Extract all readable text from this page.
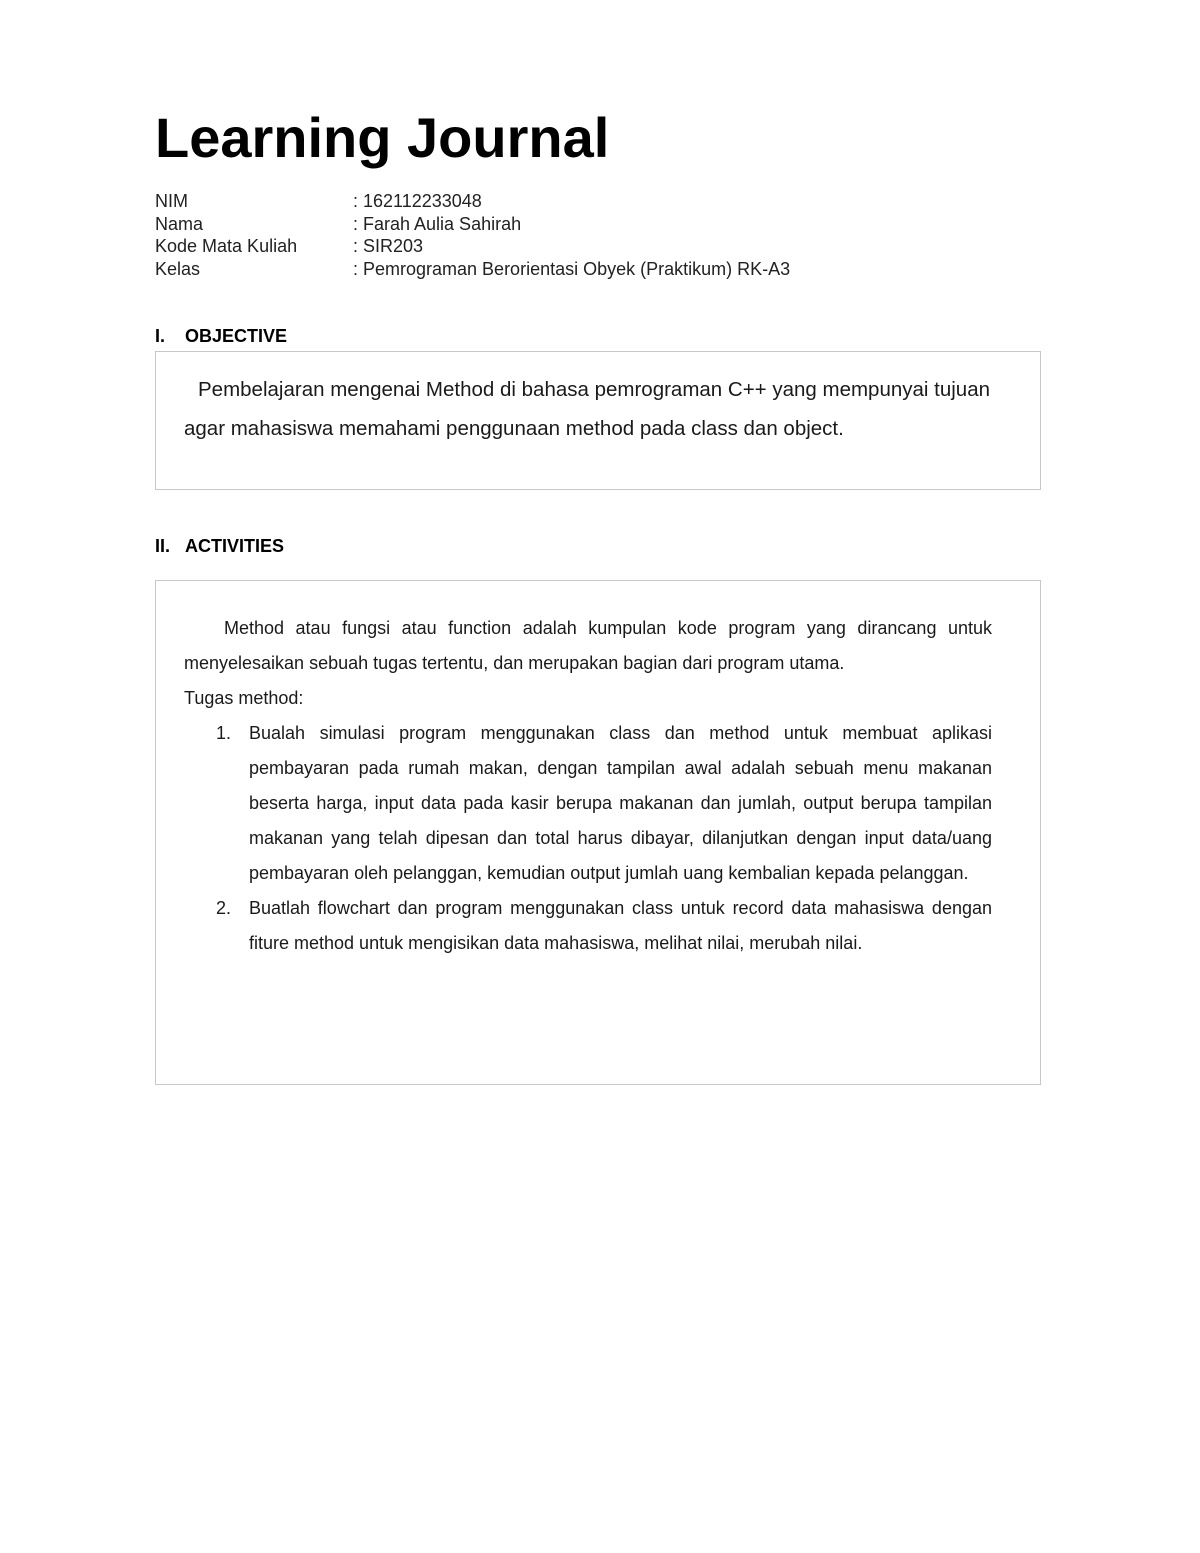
Learning Journal
NIM	: 162112233048
Nama	: Farah Aulia Sahirah
Kode Mata Kuliah	: SIR203
Kelas	: Pemrograman Berorientasi Obyek (Praktikum) RK-A3
I. OBJECTIVE

Pembelajaran mengenai Method di bahasa pemrograman C++ yang mempunyai tujuan agar mahasiswa memahami penggunaan method pada class dan object.

II. ACTIVITIES

Method atau fungsi atau function adalah kumpulan kode program yang dirancang untuk menyelesaikan sebuah tugas tertentu, dan merupakan bagian dari program utama.

Tugas method:

1. Bualah simulasi program menggunakan class dan method untuk membuat aplikasi pembayaran pada rumah makan, dengan tampilan awal adalah sebuah menu makanan beserta harga, input data pada kasir berupa makanan dan jumlah, output berupa tampilan makanan yang telah dipesan dan total harus dibayar, dilanjutkan dengan input data/uang pembayaran oleh pelanggan, kemudian output jumlah uang kembalian kepada pelanggan.
2. Buatlah flowchart dan program menggunakan class untuk record data mahasiswa dengan fiture method untuk mengisikan data mahasiswa, melihat nilai, merubah nilai.
